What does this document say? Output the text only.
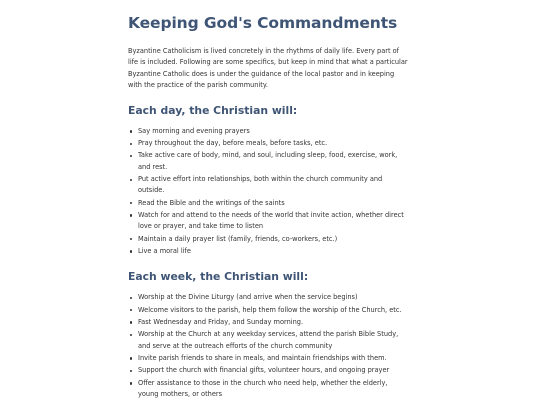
Keeping God's Commandments

Byzantine Catholicism is lived concretely in the rhythms of daily life. Every part of life is included. Following are some specifics, but keep in mind that what a particular Byzantine Catholic does is under the guidance of the local pastor and in keeping with the practice of the parish community.

Each day, the Christian will:
Say morning and evening prayers
Pray throughout the day, before meals, before tasks, etc.
Take active care of body, mind, and soul, including sleep, food, exercise, work, and rest.
Put active effort into relationships, both within the church community and outside.
Read the Bible and the writings of the saints
Watch for and attend to the needs of the world that invite action, whether direct love or prayer, and take time to listen
Maintain a daily prayer list (family, friends, co-workers, etc.)
Live a moral life
Each week, the Christian will:
Worship at the Divine Liturgy (and arrive when the service begins)
Welcome visitors to the parish, help them follow the worship of the Church, etc.
Fast Wednesday and Friday, and Sunday morning.
Worship at the Church at any weekday services, attend the parish Bible Study, and serve at the outreach efforts of the church community
Invite parish friends to share in meals, and maintain friendships with them.
Support the church with financial gifts, volunteer hours, and ongoing prayer
Offer assistance to those in the church who need help, whether the elderly, young mothers, or others
